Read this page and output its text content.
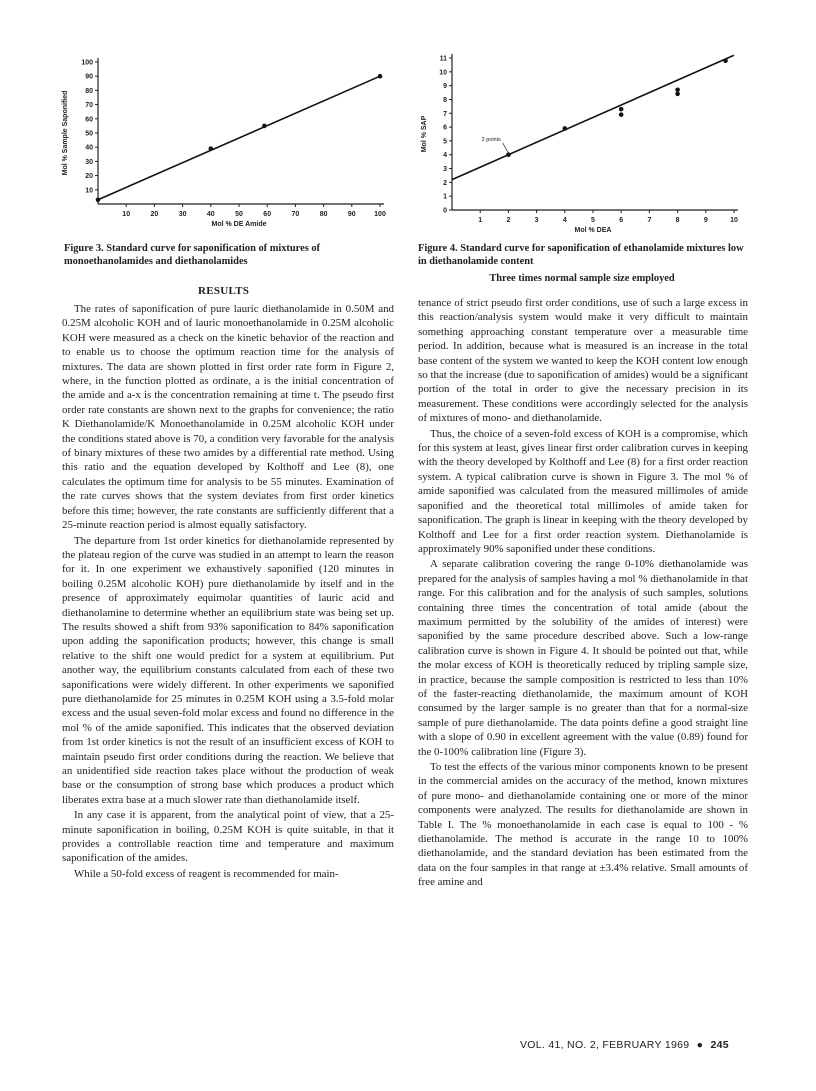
10	20	30	40	50	60	70	80	90	100
10
20
30
40
50
60
70
80
90
100
Mol % DE Amide
Mol % Sample Saponified
Figure 3. Standard curve for saponification of mixtures of monoethanolamides and diethanolamides
1	2	3	4	5	6	7	8	9	10
0
1
2
3
4
5
6
7
8
9
10
11
Mol % DEA
Mol % SAP	2 points
Figure 4. Standard curve for saponification of ethanolamide mixtures low in diethanolamide content
Three times normal sample size employed
RESULTS

The rates of saponification of pure lauric diethanolamide in 0.50M and 0.25M alcoholic KOH and of lauric monoethanolamide in 0.25M alcoholic KOH were measured as a check on the kinetic behavior of the reaction and to enable us to choose the optimum reaction time for the analysis of mixtures. The data are shown plotted in first order rate form in Figure 2, where, in the function plotted as ordinate, a is the initial concentration of the amide and a-x is the concentration remaining at time t. The pseudo first order rate constants are shown next to the graphs for convenience; the ratio K Diethanolamide/K Monoethanolamide in 0.25M alcoholic KOH under the conditions stated above is 70, a condition very favorable for the analysis of binary mixtures of these two amides by a differential rate method. Using this ratio and the equation developed by Kolthoff and Lee (8), one calculates the optimum time for analysis to be 55 minutes. Examination of the rate curves shows that the system deviates from first order kinetics before this time; however, the rate constants are sufficiently different that a 25-minute reaction period is almost equally satisfactory.

The departure from 1st order kinetics for diethanolamide represented by the plateau region of the curve was studied in an attempt to learn the reason for it. In one experiment we exhaustively saponified (120 minutes in boiling 0.25M alcoholic KOH) pure diethanolamide by itself and in the presence of approximately equimolar quantities of lauric acid and diethanolamine to determine whether an equilibrium state was being set up. The results showed a shift from 93% saponification to 84% saponification upon adding the saponification products; however, this change is small relative to the shift one would predict for a system at equilibrium. Put another way, the equilibrium constants calculated from each of these two saponifications were widely different. In other experiments we saponified pure diethanolamide for 25 minutes in 0.25M KOH using a 3.5-fold molar excess and the usual seven-fold molar excess and found no difference in the mol % of the amide saponified. This indicates that the observed deviation from 1st order kinetics is not the result of an insufficient excess of KOH to maintain pseudo first order conditions during the reaction. We believe that an unidentified side reaction takes place without the production of weak base or the consumption of strong base which produces a product which liberates extra base at a much slower rate than diethanolamide itself.

In any case it is apparent, from the analytical point of view, that a 25-minute saponification in boiling, 0.25M KOH is quite suitable, in that it provides a controllable reaction time and temperature and maximum saponification of the amides.

While a 50-fold excess of reagent is recommended for main-

tenance of strict pseudo first order conditions, use of such a large excess in this reaction/analysis system would make it very difficult to maintain something approaching constant temperature over a measurable time period. In addition, because what is measured is an increase in the total base content of the system we wanted to keep the KOH content low enough so that the increase (due to saponification of amides) would be a significant portion of the total in order to give the necessary precision in its measurement. These conditions were accordingly selected for the analysis of mixtures of mono- and diethanolamide.

Thus, the choice of a seven-fold excess of KOH is a compromise, which for this system at least, gives linear first order calibration curves in keeping with the theory developed by Kolthoff and Lee (8) for a first order reaction system. A typical calibration curve is shown in Figure 3. The mol % of amide saponified was calculated from the measured millimoles of amide saponified and the theoretical total millimoles of amide taken for saponification. The graph is linear in keeping with the theory developed by Kolthoff and Lee for a first order reaction system. Diethanolamide is approximately 90% saponified under these conditions.

A separate calibration covering the range 0-10% diethanolamide was prepared for the analysis of samples having a mol % diethanolamide in that range. For this calibration and for the analysis of such samples, solutions containing three times the concentration of total amide (about the maximum permitted by the solubility of the amides of interest) were saponified by the same procedure described above. Such a low-range calibration curve is shown in Figure 4. It should be pointed out that, while the molar excess of KOH is theoretically reduced by tripling sample size, in practice, because the sample composition is restricted to less than 10% of the faster-reacting diethanolamide, the maximum amount of KOH consumed by the larger sample is no greater than that for a normal-size sample of pure diethanolamide. The data points define a good straight line with a slope of 0.90 in excellent agreement with the value (0.89) found for the 0-100% calibration line (Figure 3).

To test the effects of the various minor components known to be present in the commercial amides on the accuracy of the method, known mixtures of pure mono- and diethanolamide containing one or more of the minor components were analyzed. The results for diethanolamide are shown in Table I. The % monoethanolamide in each case is equal to 100 - % diethanolamide. The method is accurate in the range 10 to 100% diethanolamide, and the standard deviation has been estimated from the data on the four samples in that range at ±3.4% relative. Small amounts of free amine and

VOL. 41, NO. 2, FEBRUARY 1969 ● 245
